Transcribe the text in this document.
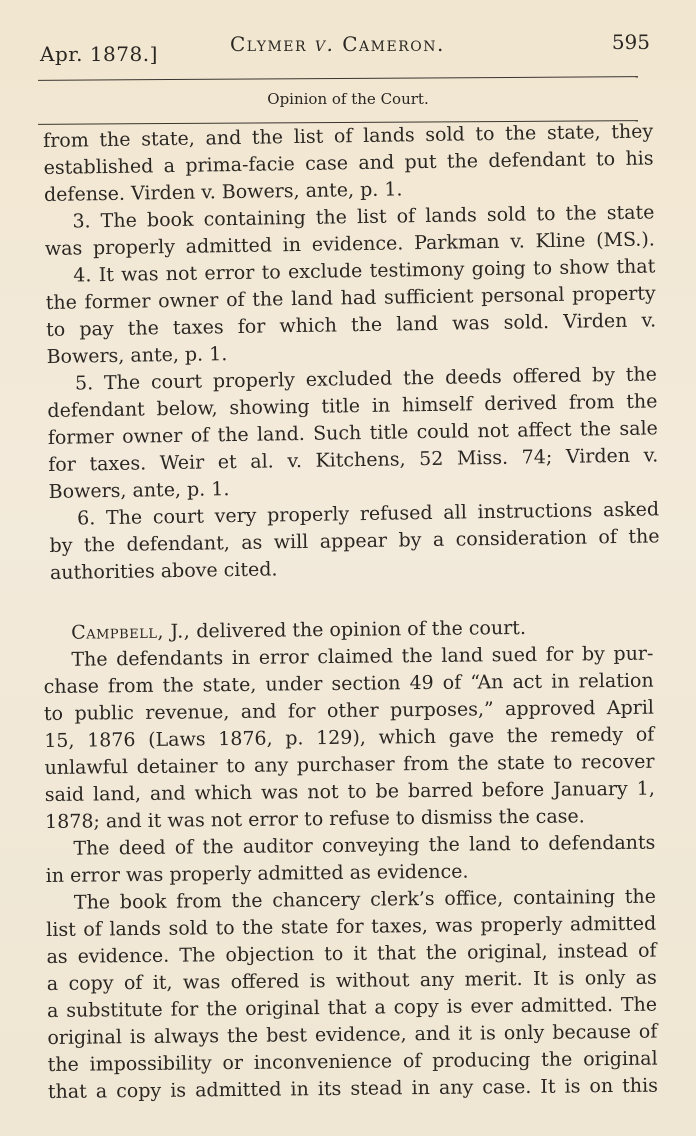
Apr. 1878.]	Clymer v. Cameron.	595
Opinion of the Court.
from the state, and the list of lands sold to the state, they
established a prima-facie case and put the defendant to his
defense. Virden v. Bowers, ante, p. 1.
3. The book containing the list of lands sold to the state
was properly admitted in evidence. Parkman v. Kline (MS.).
4. It was not error to exclude testimony going to show that
the former owner of the land had sufficient personal property
to pay the taxes for which the land was sold. Virden v.
Bowers, ante, p. 1.
5. The court properly excluded the deeds offered by the
defendant below, showing title in himself derived from the
former owner of the land. Such title could not affect the sale
for taxes. Weir et al. v. Kitchens, 52 Miss. 74; Virden v.
Bowers, ante, p. 1.
6. The court very properly refused all instructions asked
by the defendant, as will appear by a consideration of the
authorities above cited.
Campbell, J., delivered the opinion of the court.
The defendants in error claimed the land sued for by pur-
chase from the state, under section 49 of “An act in relation
to public revenue, and for other purposes,” approved April
15, 1876 (Laws 1876, p. 129), which gave the remedy of
unlawful detainer to any purchaser from the state to recover
said land, and which was not to be barred before January 1,
1878; and it was not error to refuse to dismiss the case.
The deed of the auditor conveying the land to defendants
in error was properly admitted as evidence.
The book from the chancery clerk’s office, containing the
list of lands sold to the state for taxes, was properly admitted
as evidence. The objection to it that the original, instead of
a copy of it, was offered is without any merit. It is only as
a substitute for the original that a copy is ever admitted. The
original is always the best evidence, and it is only because of
the impossibility or inconvenience of producing the original
that a copy is admitted in its stead in any case. It is on this
